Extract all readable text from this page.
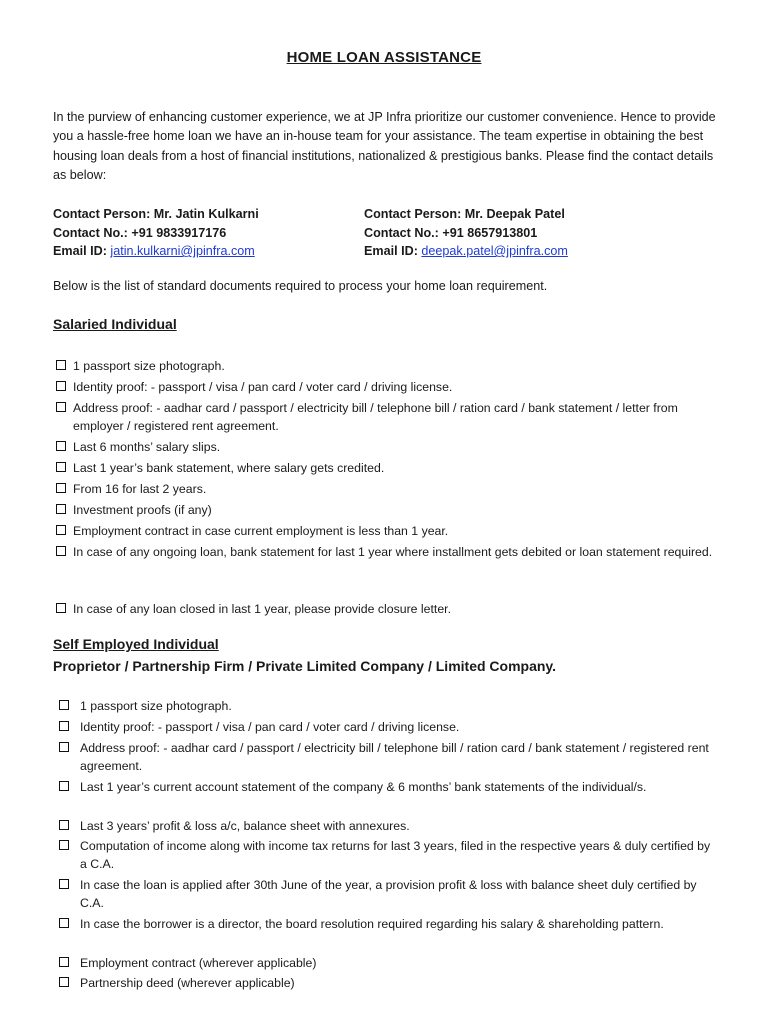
HOME LOAN ASSISTANCE
In the purview of enhancing customer experience, we at JP Infra prioritize our customer convenience. Hence to provide you a hassle-free home loan we have an in-house team for your assistance. The team expertise in obtaining the best housing loan deals from a host of financial institutions, nationalized & prestigious banks. Please find the contact details as below:
Contact Person: Mr. Jatin Kulkarni
Contact No.: +91 9833917176
Email ID: jatin.kulkarni@jpinfra.com
Contact Person: Mr. Deepak Patel
Contact No.: +91 8657913801
Email ID: deepak.patel@jpinfra.com
Below is the list of standard documents required to process your home loan requirement.
Salaried Individual
1 passport size photograph.
Identity proof: - passport / visa / pan card / voter card / driving license.
Address proof: - aadhar card / passport / electricity bill / telephone bill / ration card / bank statement / letter from employer / registered rent agreement.
Last 6 months’ salary slips.
Last 1 year’s bank statement, where salary gets credited.
From 16 for last 2 years.
Investment proofs (if any)
Employment contract in case current employment is less than 1 year.
In case of any ongoing loan, bank statement for last 1 year where installment gets debited or loan statement required.
In case of any loan closed in last 1 year, please provide closure letter.
Self Employed Individual
Proprietor / Partnership Firm / Private Limited Company / Limited Company.
1 passport size photograph.
Identity proof: - passport / visa / pan card / voter card / driving license.
Address proof: - aadhar card / passport / electricity bill / telephone bill / ration card / bank statement / registered rent agreement.
Last 1 year’s current account statement of the company & 6 months’ bank statements of the individual/s.
Last 3 years’ profit & loss a/c, balance sheet with annexures.
Computation of income along with income tax returns for last 3 years, filed in the respective years & duly certified by a C.A.
In case the loan is applied after 30th June of the year, a provision profit & loss with balance sheet duly certified by C.A.
In case the borrower is a director, the board resolution required regarding his salary & shareholding pattern.
Employment contract (wherever applicable)
Partnership deed (wherever applicable)
